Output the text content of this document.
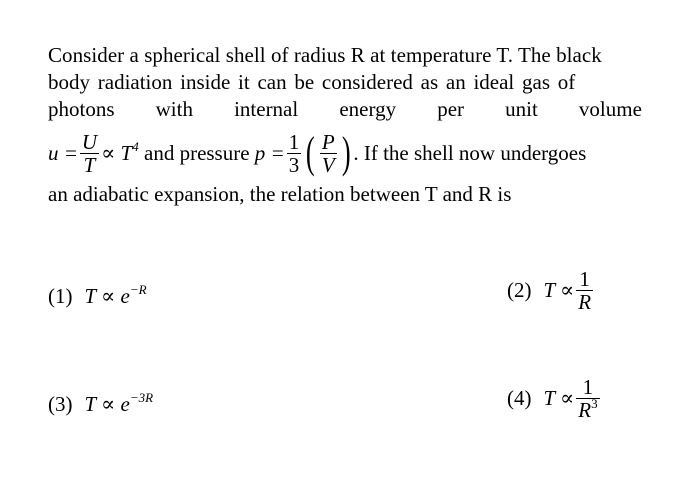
Consider a spherical shell of radius R at temperature T. The black
body radiation inside it can be considered as an ideal gas of
photons with internal energy per unit volume
$u = \frac{U}{T} \propto T^4$ and pressure $p = \frac{1}{3}$ ( $\frac{P}{V}$ ) . If the shell now undergoes
an adiabatic expansion, the relation between T and R is
(1) $T \propto e^{-R}$	(2) $T \propto \frac{1}{R}$
(3) $T \propto e^{-3R}$	(4) $T \propto \frac{1}{R^3}$
